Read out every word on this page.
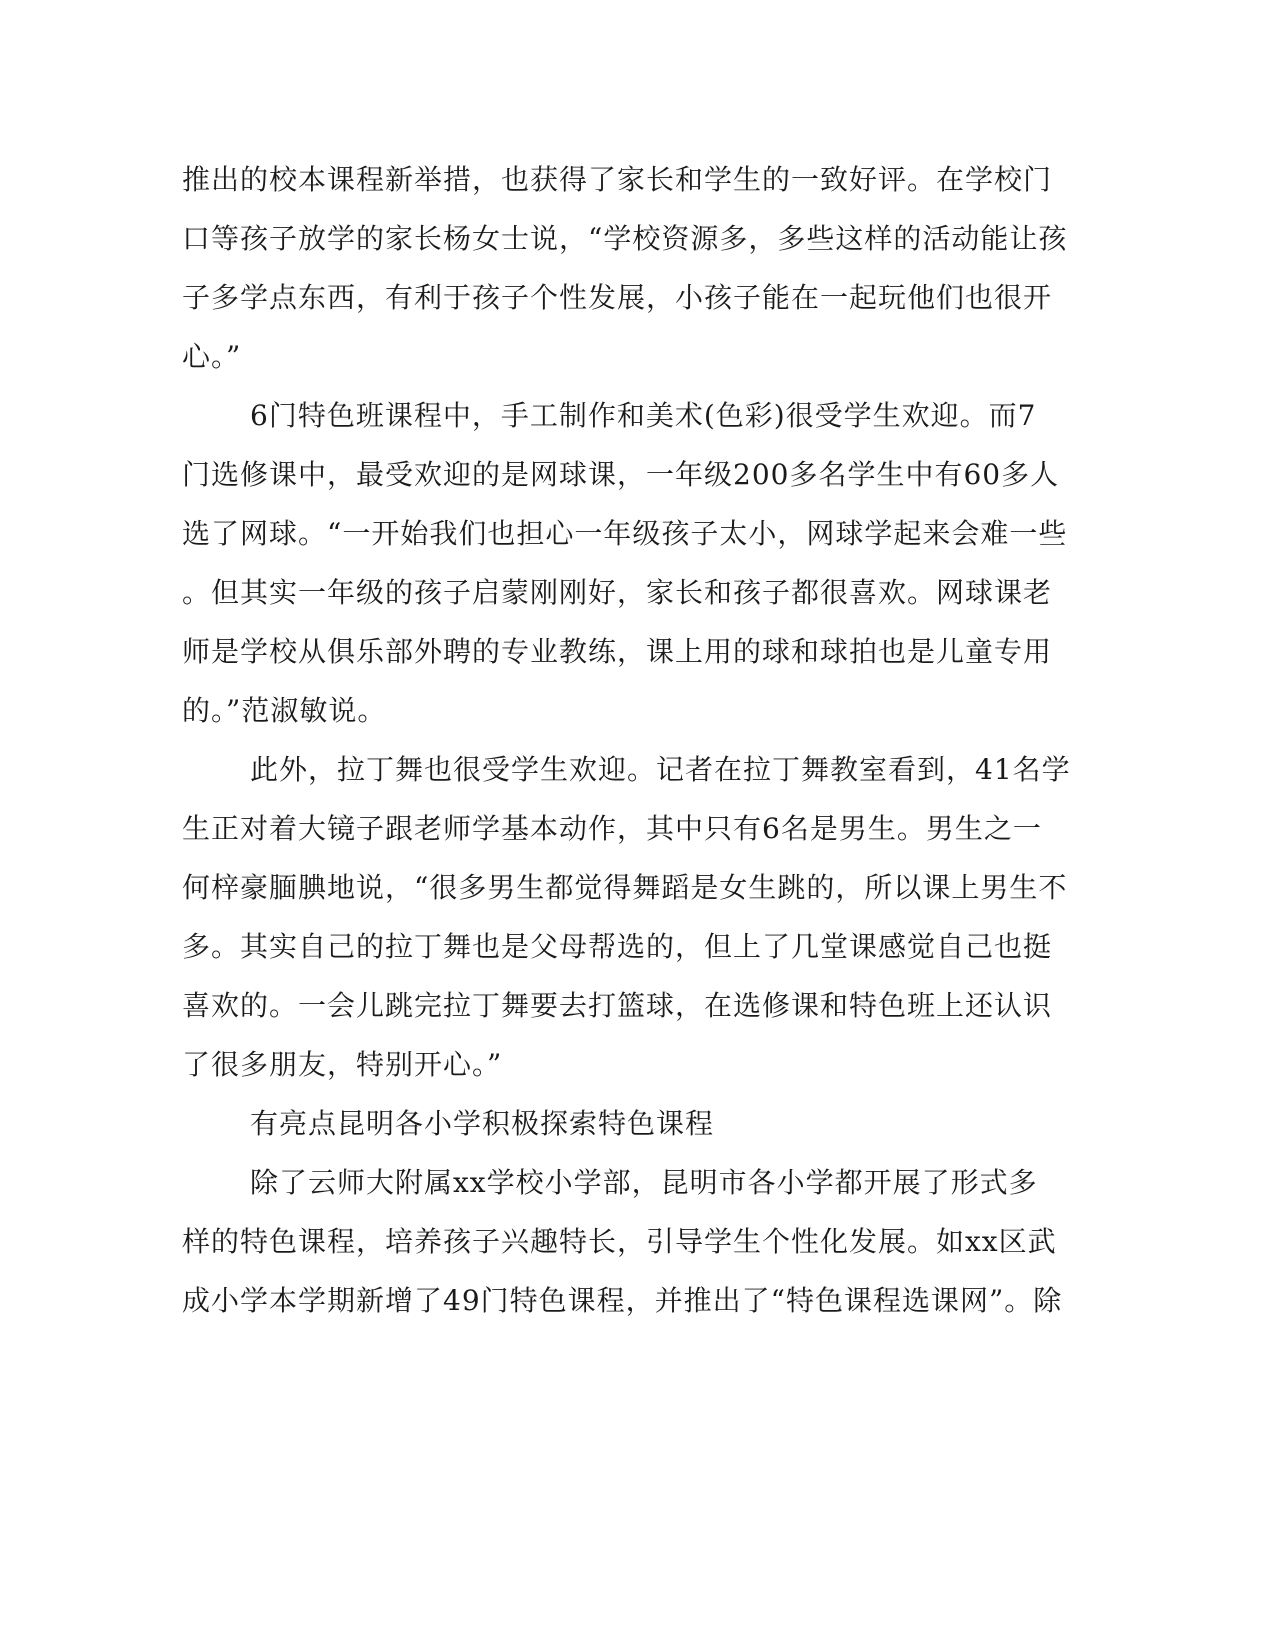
推出的校本课程新举措，也获得了家长和学生的一致好评。在学校门
口等孩子放学的家长杨女士说，“学校资源多，多些这样的活动能让孩
子多学点东西，有利于孩子个性发展，小孩子能在一起玩他们也很开
心。”
6门特色班课程中，手工制作和美术(色彩)很受学生欢迎。而7
门选修课中，最受欢迎的是网球课，一年级200多名学生中有60多人
选了网球。“一开始我们也担心一年级孩子太小，网球学起来会难一些
。但其实一年级的孩子启蒙刚刚好，家长和孩子都很喜欢。网球课老
师是学校从俱乐部外聘的专业教练，课上用的球和球拍也是儿童专用
的。”范淑敏说。
此外，拉丁舞也很受学生欢迎。记者在拉丁舞教室看到，41名学
生正对着大镜子跟老师学基本动作，其中只有6名是男生。男生之一
何梓豪腼腆地说，“很多男生都觉得舞蹈是女生跳的，所以课上男生不
多。其实自己的拉丁舞也是父母帮选的，但上了几堂课感觉自己也挺
喜欢的。一会儿跳完拉丁舞要去打篮球，在选修课和特色班上还认识
了很多朋友，特别开心。”
有亮点昆明各小学积极探索特色课程
除了云师大附属xx学校小学部，昆明市各小学都开展了形式多
样的特色课程，培养孩子兴趣特长，引导学生个性化发展。如xx区武
成小学本学期新增了49门特色课程，并推出了“特色课程选课网”。除
